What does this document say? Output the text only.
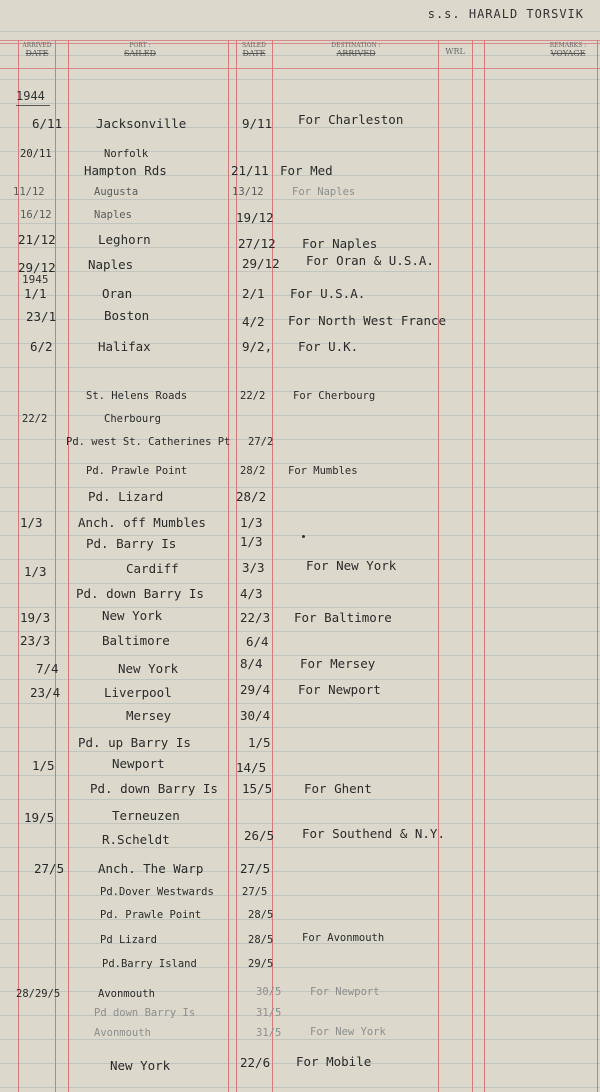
s.s. HARALD TORSVIK
ARRIVED
DATE
PORT :
SAILED
SAILED
DATE
DESTINATION :
ARRIVED	WRL
REMARKS :
VOYAGE
1944
1945
6/11	Jacksonville	9/11 For Charleston
20/11	Norfolk
Hampton Rds	21/11 For Med
11/12	Augusta	13/12	For Naples
16/12	Naples	19/12
21/12	Leghorn	27/12 For Naples
29/12	Naples	29/12 For Oran & U.S.A.
1/1	Oran	2/1 For U.S.A.
23/1	Boston	4/2 For North West France
6/2	Halifax	9/2, For U.K.
St. Helens Roads	22/2	For Cherbourg
22/2	Cherbourg
Pd. west St. Catherines Pt 27/2
Pd. Prawle Point	28/2 For Mumbles
Pd. Lizard	28/2
1/3	Anch. off Mumbles	1/3
Pd. Barry Is	1/3
1/3	Cardiff	3/3	For New York
Pd. down Barry Is	4/3
19/3	New York	22/3 For Baltimore
23/3	Baltimore	6/4
7/4	New York	8/4	For Mersey
23/4	Liverpool	29/4 For Newport
Mersey	30/4
Pd. up Barry Is	1/5
1/5	Newport	14/5
Pd. down Barry Is 15/5	For Ghent
19/5	Terneuzen
R.Scheldt	26/5 For Southend & N.Y.
27/5	Anch. The Warp	27/5
Pd.Dover Westwards	27/5
Pd. Prawle Point	28/5
Pd Lizard	28/5	For Avonmouth
Pd.Barry Island	29/5
28/29/5	Avonmouth	30/5	For Newport
Pd down Barry Is	31/5
Avonmouth	31/5	For New York
New York	22/6 For Mobile
